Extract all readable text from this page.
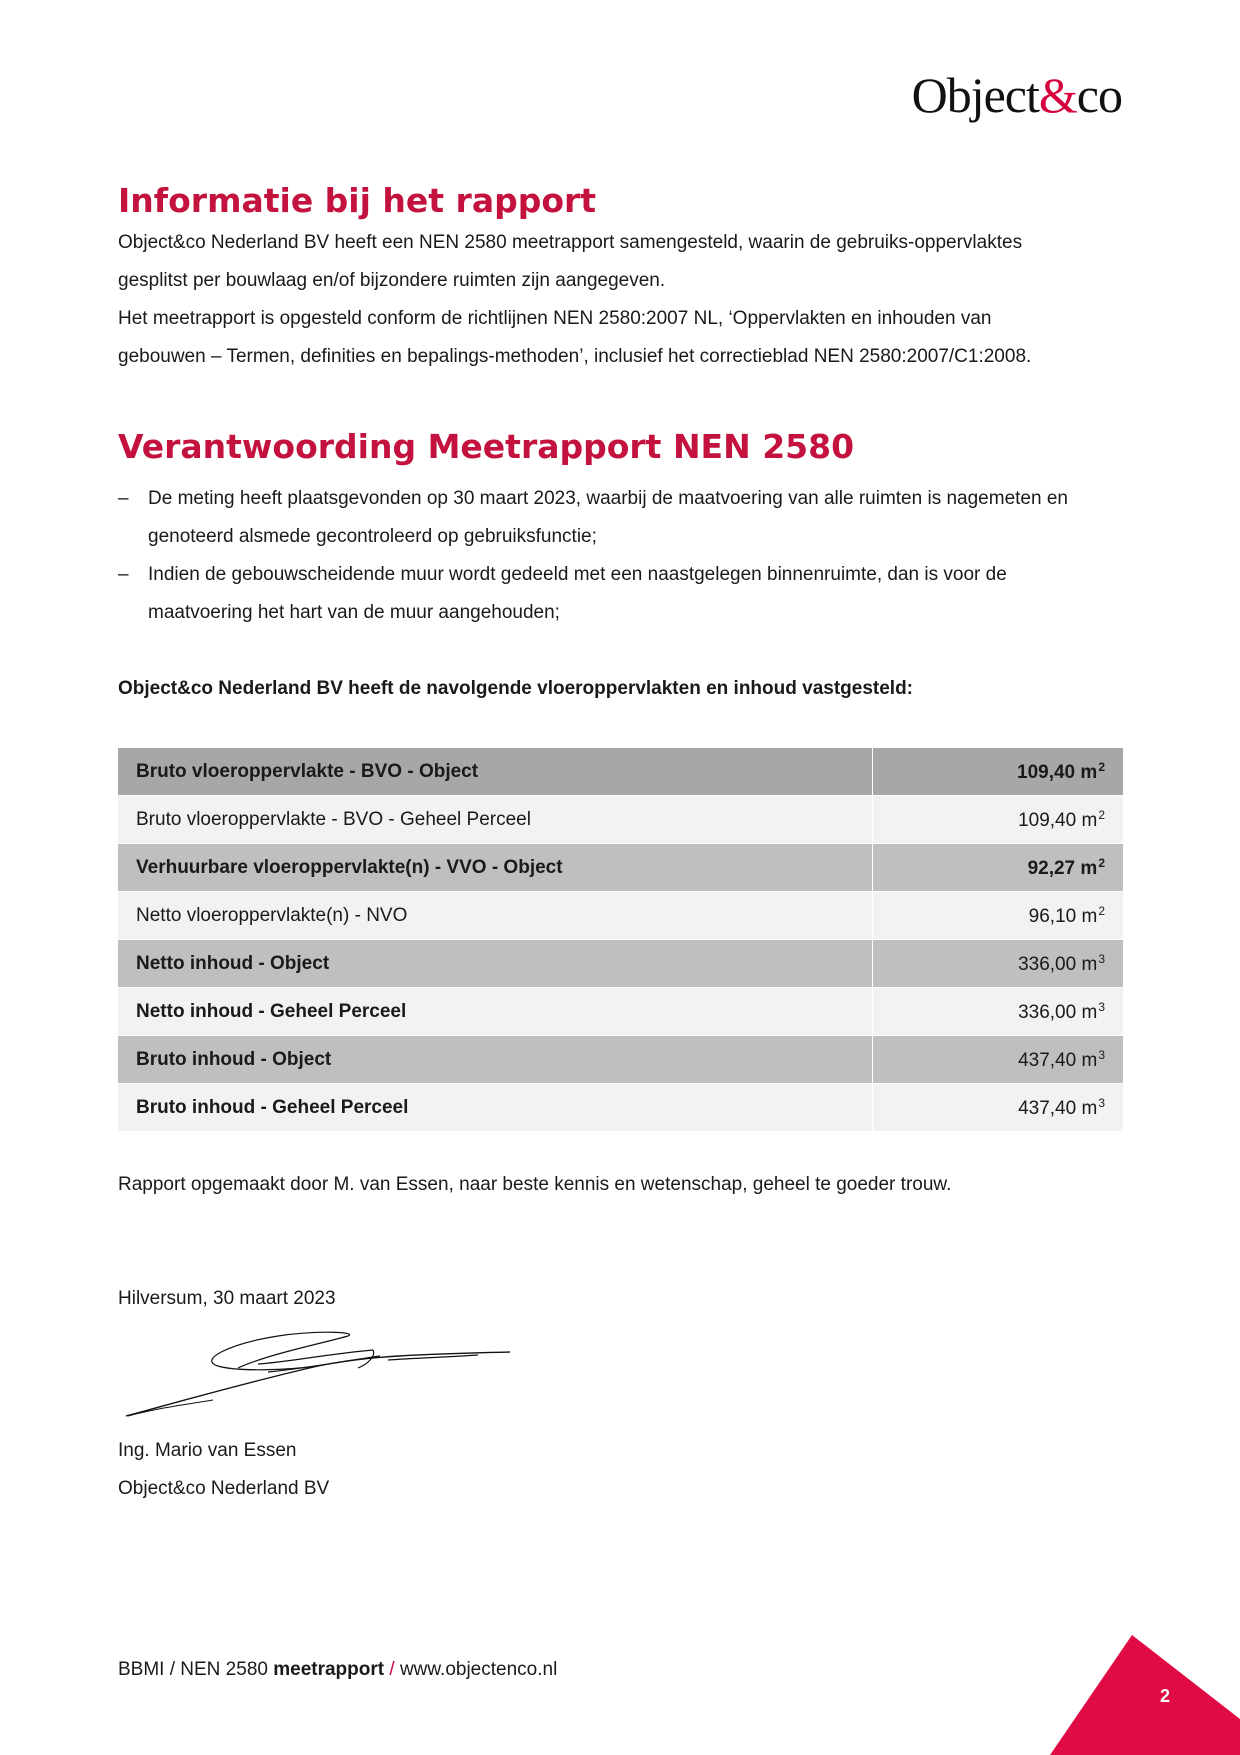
Object&co
Informatie bij het rapport

Object&co Nederland BV heeft een NEN 2580 meetrapport samengesteld, waarin de gebruiks-oppervlaktes
gesplitst per bouwlaag en/of bijzondere ruimten zijn aangegeven.

Het meetrapport is opgesteld conform de richtlijnen NEN 2580:2007 NL, ‘Oppervlakten en inhouden van
gebouwen – Termen, definities en bepalings-methoden’, inclusief het correctieblad NEN 2580:2007/C1:2008.

Verantwoording Meetrapport NEN 2580
– De meting heeft plaatsgevonden op 30 maart 2023, waarbij de maatvoering van alle ruimten is nagemeten en
genoteerd alsmede gecontroleerd op gebruiksfunctie;
– Indien de gebouwscheidende muur wordt gedeeld met een naastgelegen binnenruimte, dan is voor de
maatvoering het hart van de muur aangehouden;
Object&co Nederland BV heeft de navolgende vloeroppervlakten en inhoud vastgesteld:
Bruto vloeroppervlakte - BVO - Object	109,40 $m^2$
Bruto vloeroppervlakte - BVO - Geheel Perceel	109,40 $m^2$
Verhuurbare vloeroppervlakte(n) - VVO - Object	92,27 $m^2$
Netto vloeroppervlakte(n) - NVO	96,10 $m^2$
Netto inhoud - Object	336,00 $m^3$
Netto inhoud - Geheel Perceel	336,00 $m^3$
Bruto inhoud - Object	437,40 $m^3$
Bruto inhoud - Geheel Perceel	437,40 $m^3$
Rapport opgemaakt door M. van Essen, naar beste kennis en wetenschap, geheel te goeder trouw.
Hilversum, 30 maart 2023
Ing. Mario van Essen
Object&co Nederland BV
BBMI / NEN 2580 meetrapport / www.objectenco.nl
2
